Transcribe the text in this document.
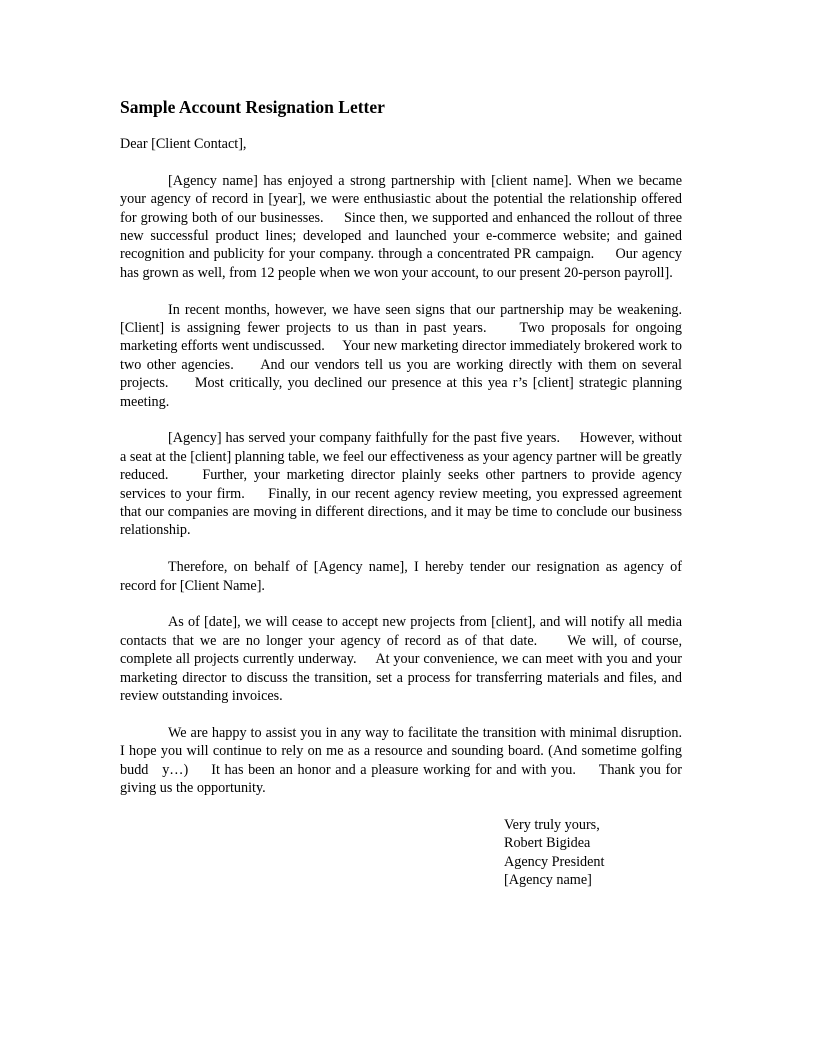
Sample Account Resignation Letter
Dear [Client Contact],

[Agency name] has enjoyed a strong partnership with [client name]. When we became your agency of record in [year], we were enthusiastic about the potential the relationship offered for growing both of our businesses.     Since then, we supported and enhanced the rollout of three new successful product lines; developed and launched your e-commerce website; and gained recognition and publicity for your company. through a concentrated PR campaign.     Our agency has grown as well, from 12 people when we won your account, to our present 20-person payroll].

In recent months, however, we have seen signs that our partnership may be weakening.     [Client] is assigning fewer projects to us than in past years.     Two proposals for ongoing marketing efforts went undiscussed.     Your new marketing director immediately brokered work to two other agencies.     And our vendors tell us you are working directly with them on several projects.     Most critically, you declined our presence at this yea r’s [client] strategic planning meeting.

[Agency] has served your company faithfully for the past five years.     However, without a seat at the [client] planning table, we feel our effectiveness as your agency partner will be greatly reduced.     Further, your marketing director plainly seeks other partners to provide agency services to your firm.     Finally, in our recent agency review meeting, you expressed agreement that our companies are moving in different directions, and it may be time to conclude our business relationship.

Therefore, on behalf of [Agency name], I hereby tender our resignation as agency of record for [Client Name].

As of [date], we will cease to accept new projects from [client], and will notify all media contacts that we are no longer your agency of record as of that date.     We will, of course, complete all projects currently underway.     At your convenience, we can meet with you and your marketing director to discuss the transition, set a process for transferring materials and files, and review outstanding invoices.

We are happy to assist you in any way to facilitate the transition with minimal disruption. I hope you will continue to rely on me as a resource and sounding board. (And sometime golfing budd   y…)     It has been an honor and a pleasure working for and with you.     Thank you for giving us the opportunity.

Very truly yours,
Robert Bigidea
Agency President
[Agency name]
